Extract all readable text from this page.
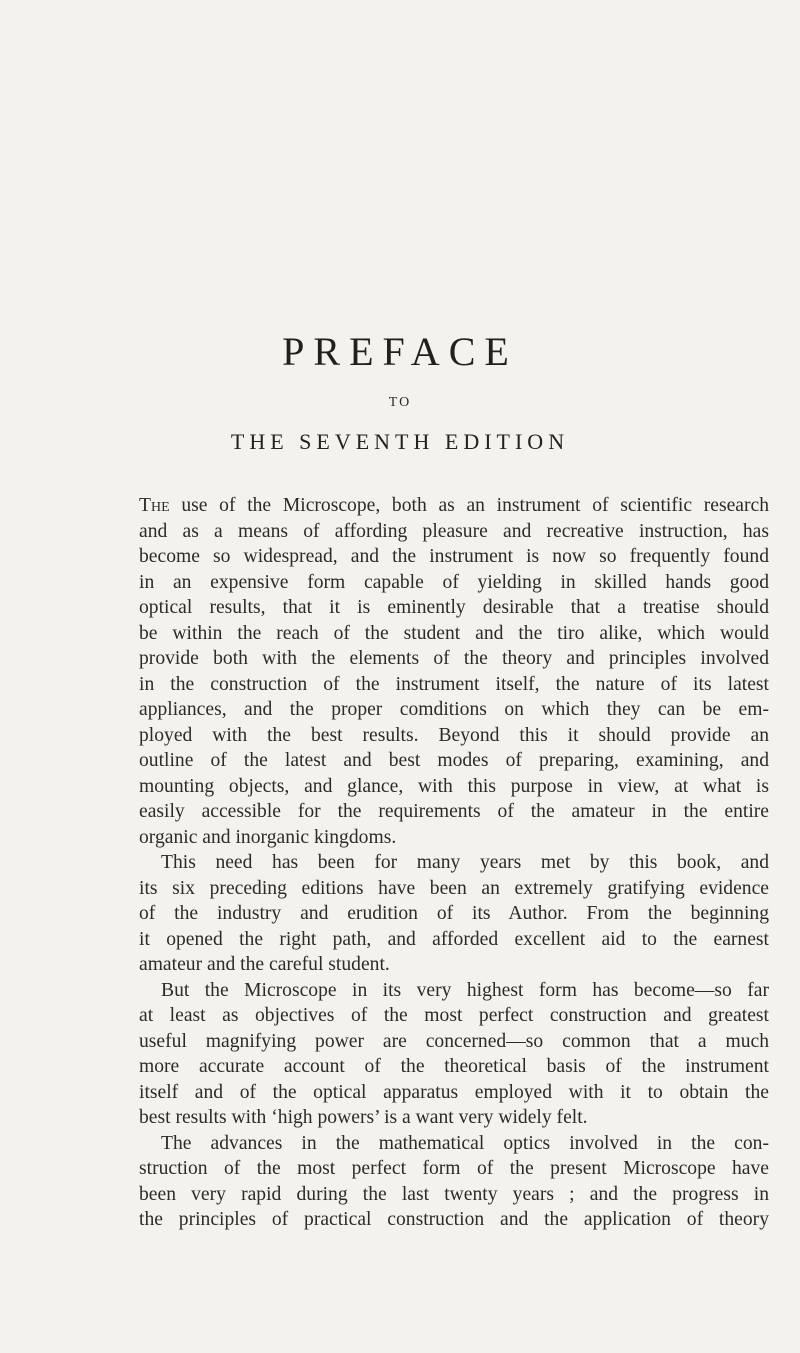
PREFACE
TO
THE SEVENTH EDITION
The use of the Microscope, both as an instrument of scientific research
and as a means of affording pleasure and recreative instruction, has
become so widespread, and the instrument is now so frequently found
in an expensive form capable of yielding in skilled hands good
optical results, that it is eminently desirable that a treatise should
be within the reach of the student and the tiro alike, which would
provide both with the elements of the theory and principles involved
in the construction of the instrument itself, the nature of its latest
appliances, and the proper comditions on which they can be em-
ployed with the best results. Beyond this it should provide an
outline of the latest and best modes of preparing, examining, and
mounting objects, and glance, with this purpose in view, at what is
easily accessible for the requirements of the amateur in the entire
organic and inorganic kingdoms.
This need has been for many years met by this book, and
its six preceding editions have been an extremely gratifying evidence
of the industry and erudition of its Author. From the beginning
it opened the right path, and afforded excellent aid to the earnest
amateur and the careful student.
But the Microscope in its very highest form has become—so far
at least as objectives of the most perfect construction and greatest
useful magnifying power are concerned—so common that a much
more accurate account of the theoretical basis of the instrument
itself and of the optical apparatus employed with it to obtain the
best results with ‘high powers’ is a want very widely felt.
The advances in the mathematical optics involved in the con-
struction of the most perfect form of the present Microscope have
been very rapid during the last twenty years ; and the progress in
the principles of practical construction and the application of theory
